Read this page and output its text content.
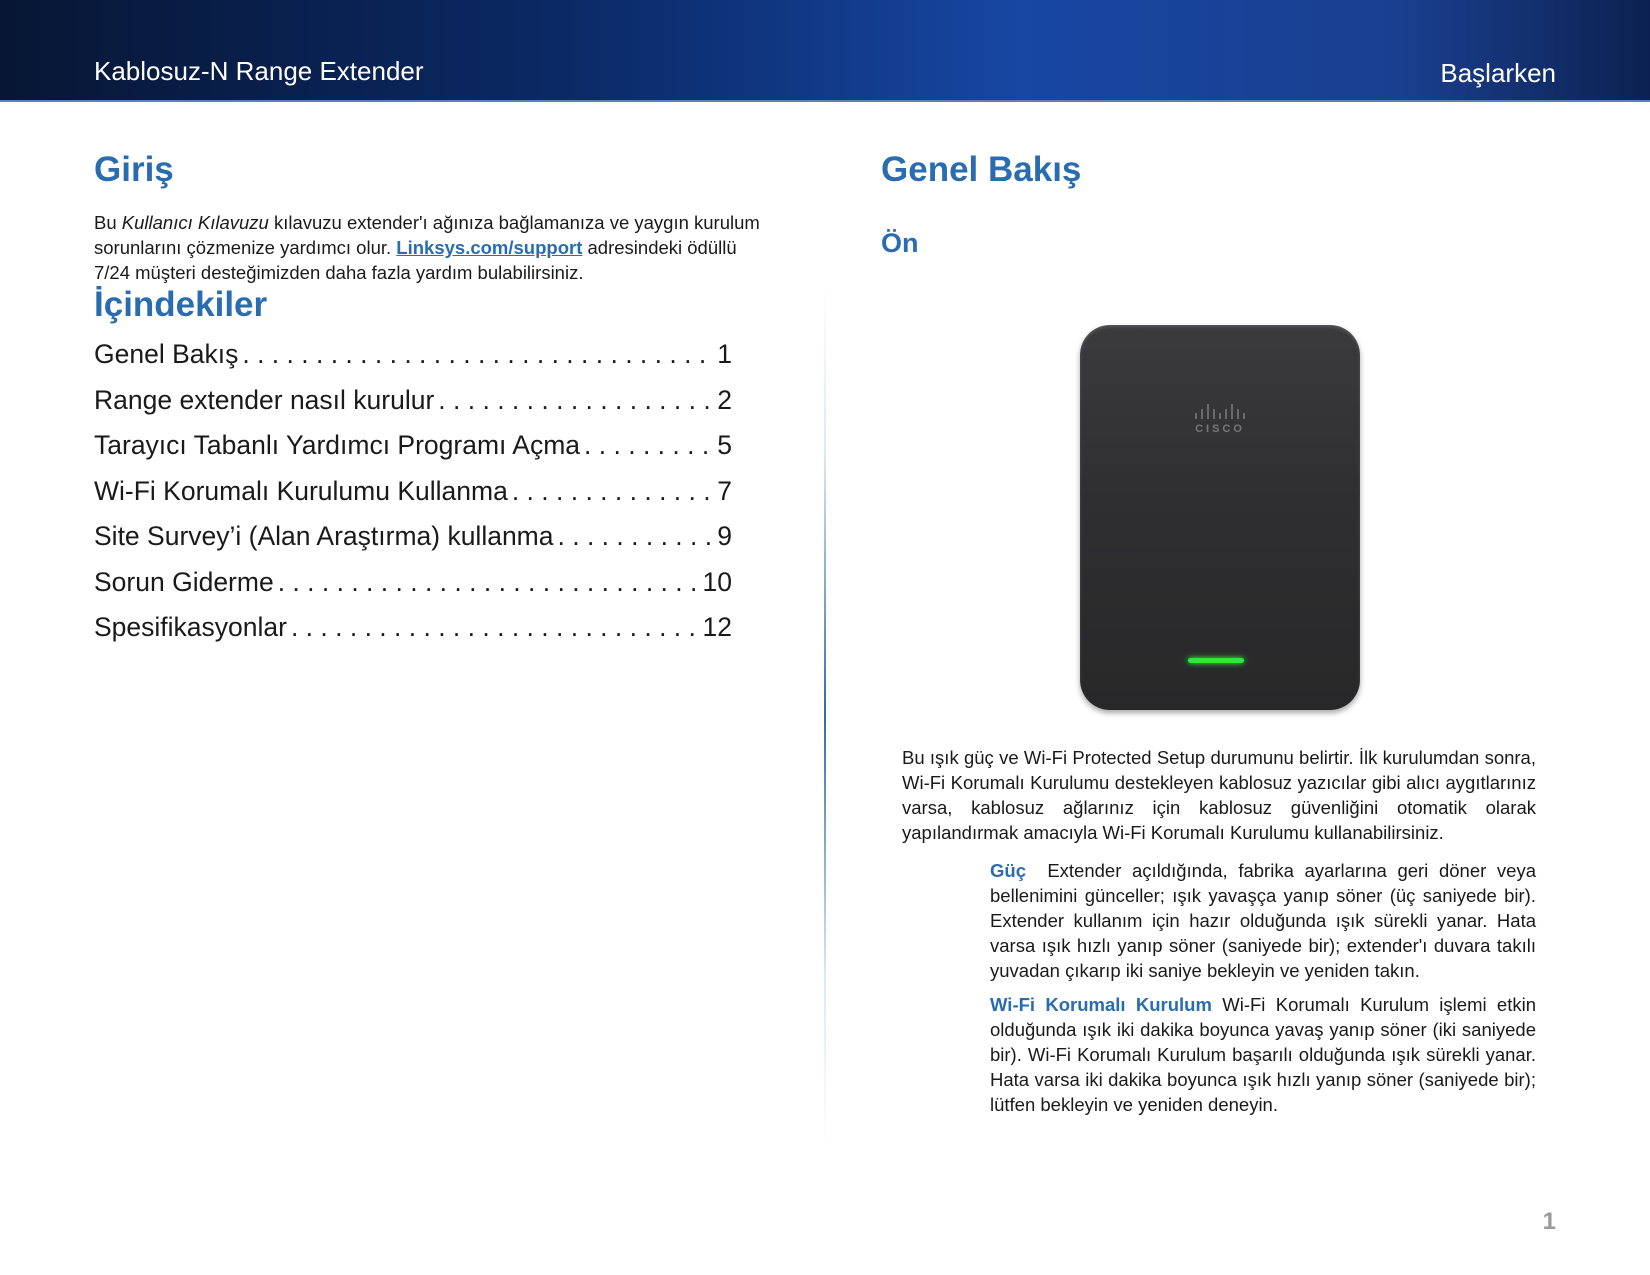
Kablosuz-N Range Extender	Başlarken
Giriş

Bu Kullanıcı Kılavuzu kılavuzu extender'ı ağınıza bağlamanıza ve yaygın kurulum sorunlarını çözmenize yardımcı olur. Linksys.com/support adresindeki ödüllü 7/24 müşteri desteğimizden daha fazla yardım bulabilirsiniz.

İçindekiler
Genel Bakış . . .	1
Range extender nasıl kurulur . . .	2
Tarayıcı Tabanlı Yardımcı Programı Açma . . .	5
Wi-Fi Korumalı Kurulumu Kullanma . . .	7
Site Survey’i (Alan Araştırma) kullanma . . .	9
Sorun Giderme . . .	10
Spesifikasyonlar . . .	12
Genel Bakış
Ön
CISCO

Bu ışık güç ve Wi-Fi Protected Setup durumunu belirtir. İlk kurulumdan sonra, Wi-Fi Korumalı Kurulumu destekleyen kablosuz yazıcılar gibi alıcı aygıtlarınız varsa, kablosuz ağlarınız için kablosuz güvenliğini otomatik olarak yapılandırmak amacıyla Wi-Fi Korumalı Kurulumu kullanabilirsiniz.

Güç Extender açıldığında, fabrika ayarlarına geri döner veya bellenimini günceller; ışık yavaşça yanıp söner (üç saniyede bir). Extender kullanım için hazır olduğunda ışık sürekli yanar. Hata varsa ışık hızlı yanıp söner (saniyede bir); extender'ı duvara takılı yuvadan çıkarıp iki saniye bekleyin ve yeniden takın.

Wi-Fi Korumalı Kurulum Wi-Fi Korumalı Kurulum işlemi etkin olduğunda ışık iki dakika boyunca yavaş yanıp söner (iki saniyede bir). Wi-Fi Korumalı Kurulum başarılı olduğunda ışık sürekli yanar. Hata varsa iki dakika boyunca ışık hızlı yanıp söner (saniyede bir); lütfen bekleyin ve yeniden deneyin.

1
